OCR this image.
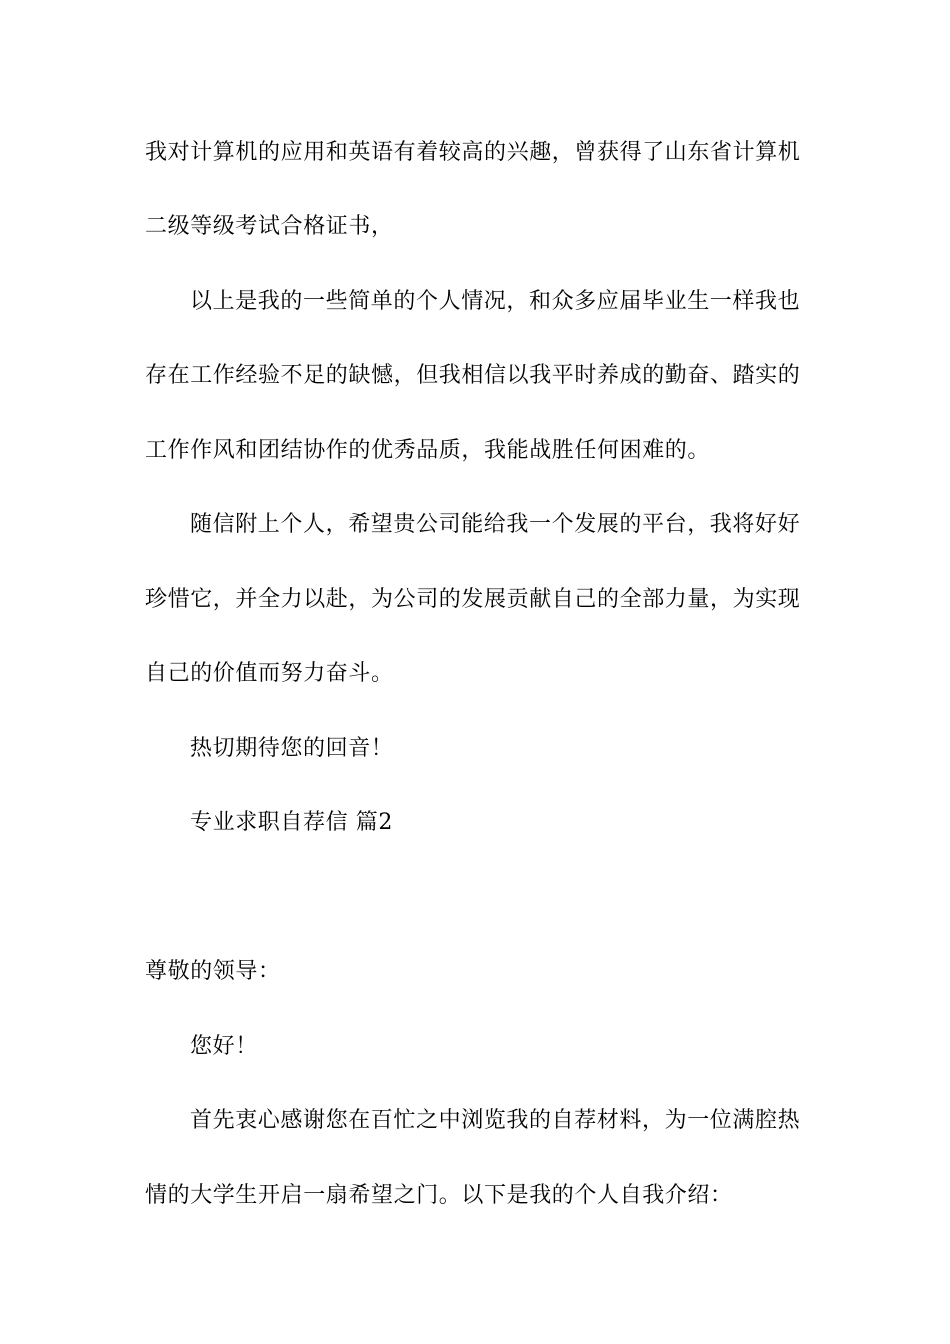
我对计算机的应用和英语有着较高的兴趣，曾获得了山东省计算机
二级等级考试合格证书，
以上是我的一些简单的个人情况，和众多应届毕业生一样我也
存在工作经验不足的缺憾，但我相信以我平时养成的勤奋、踏实的
工作作风和团结协作的优秀品质，我能战胜任何困难的。
随信附上个人，希望贵公司能给我一个发展的平台，我将好好
珍惜它，并全力以赴，为公司的发展贡献自己的全部力量，为实现
自己的价值而努力奋斗。
热切期待您的回音！
专业求职自荐信 篇2
尊敬的领导：
您好！
首先衷心感谢您在百忙之中浏览我的自荐材料，为一位满腔热
情的大学生开启一扇希望之门。以下是我的个人自我介绍：
